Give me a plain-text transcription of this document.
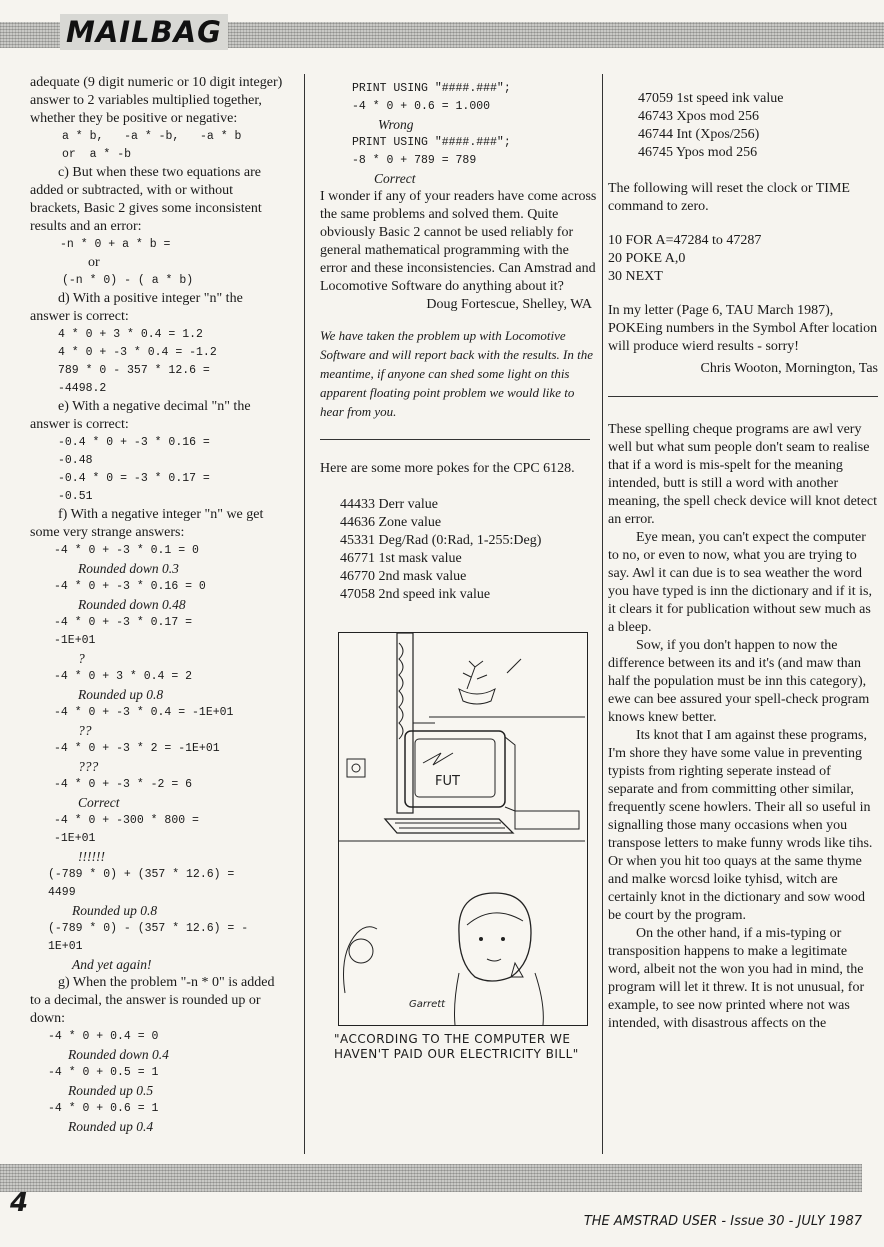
MAILBAG

adequate (9 digit numeric or 10 digit integer) answer to 2 variables multiplied together, whether they be positive or negative:

a * b,   -a * -b,   -a * b
or  a * -b

c) But when these two equations are added or subtracted, with or without brackets, Basic 2 gives some inconsistent results and an error:

-n * 0 + a * b =

or

(-n * 0) - ( a * b)

d) With a positive integer "n" the answer is correct:

4 * 0 + 3 * 0.4 = 1.2
4 * 0 + -3 * 0.4 = -1.2
789 * 0 - 357 * 12.6 =
-4498.2

e) With a negative decimal "n" the answer is correct:

-0.4 * 0 + -3 * 0.16 =
-0.48
-0.4 * 0 = -3 * 0.17 =
-0.51

f) With a negative integer "n" we get some very strange answers:

-4 * 0 + -3 * 0.1 = 0

Rounded down 0.3

-4 * 0 + -3 * 0.16 = 0

Rounded down 0.48

-4 * 0 + -3 * 0.17 =
-1E+01

?

-4 * 0 + 3 * 0.4 = 2

Rounded up 0.8

-4 * 0 + -3 * 0.4 = -1E+01

??

-4 * 0 + -3 * 2 = -1E+01

???

-4 * 0 + -3 * -2 = 6

Correct

-4 * 0 + -300 * 800 =
-1E+01

!!!!!!

(-789 * 0) + (357 * 12.6) =
4499

Rounded up 0.8

(-789 * 0) - (357 * 12.6) = -
1E+01

And yet again!

g) When the problem "-n * 0" is added to a decimal, the answer is rounded up or down:

-4 * 0 + 0.4 = 0

Rounded down 0.4

-4 * 0 + 0.5 = 1

Rounded up 0.5

-4 * 0 + 0.6 = 1

Rounded up 0.4

PRINT USING "####.###";
-4 * 0 + 0.6 = 1.000

Wrong

PRINT USING "####.###";
-8 * 0 + 789 = 789

Correct

I wonder if any of your readers have come across the same problems and solved them. Quite obviously Basic 2 cannot be used reliably for general mathematical programming with the error and these inconsistencies. Can Amstrad and Locomotive Software do anything about it?

Doug Fortescue, Shelley, WA

We have taken the problem up with Locomotive Software and will report back with the results. In the meantime, if anyone can shed some light on this apparent floating point problem we would like to hear from you.

Here are some more pokes for the CPC 6128.

44433 Derr value

44636 Zone value

45331 Deg/Rad (0:Rad, 1-255:Deg)

46771 1st mask value

46770 2nd mask value

47058 2nd speed ink value

FUT
Garrett

"ACCORDING TO THE COMPUTER WE HAVEN'T PAID OUR ELECTRICITY BILL"

47059 1st speed ink value

46743 Xpos mod 256

46744 Int (Xpos/256)

46745 Ypos mod 256

The following will reset the clock or TIME command to zero.

10 FOR A=47284 to 47287

20 POKE A,0

30 NEXT

In my letter (Page 6, TAU March 1987), POKEing numbers in the Symbol After location will produce wierd results - sorry!

Chris Wooton, Mornington, Tas

These spelling cheque programs are awl very well but what sum people don't seam to realise that if a word is mis-spelt for the meaning intended, butt is still a word with another meaning, the spell check device will knot detect an error.

Eye mean, you can't expect the computer to no, or even to now, what you are trying to say. Awl it can due is to sea weather the word you have typed is inn the dictionary and if it is, it clears it for publication without sew much as a bleep.

Sow, if you don't happen to now the difference between its and it's (and maw than half the population must be inn this category), ewe can bee assured your spell-check program knows knew better.

Its knot that I am against these programs, I'm shore they have some value in preventing typists from righting seperate instead of separate and from committing other similar, frequently scene howlers. Their all so useful in signalling those many occasions when you transpose letters to make funny wrods like tihs. Or when you hit too quays at the same thyme and malke worcsd loike tyhisd, witch are certainly knot in the dictionary and sow wood be court by the program.

On the other hand, if a mis-typing or transposition happens to make a legitimate word, albeit not the won you had in mind, the program will let it threw. It is not unusual, for example, to see now printed where not was intended, with disastrous affects on the

4
THE AMSTRAD USER - Issue 30 - JULY 1987
